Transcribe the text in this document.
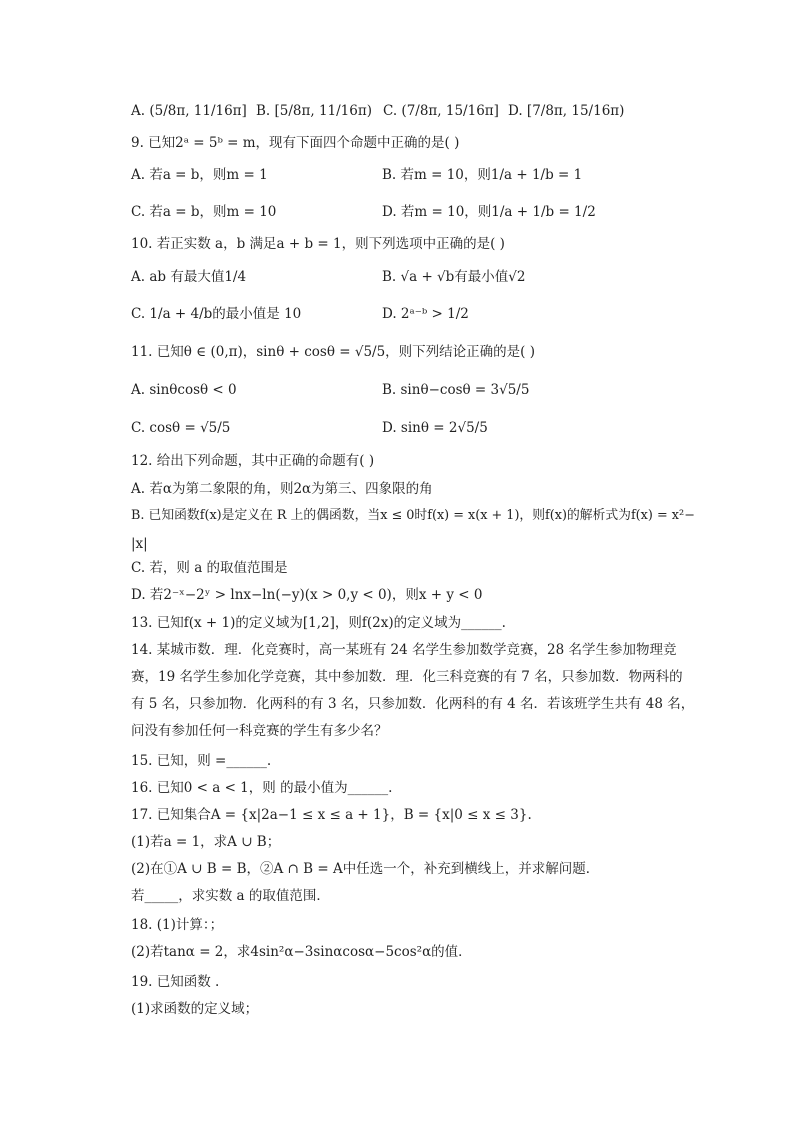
A. (5/8π, 11/16π] B. [5/8π, 11/16π) C. (7/8π, 15/16π] D. [7/8π, 15/16π)
9. 已知2ᵃ = 5ᵇ = m，现有下面四个命题中正确的是( )
A. 若a = b，则m = 1	B. 若m = 10，则1/a + 1/b = 1
C. 若a = b，则m = 10	D. 若m = 10，则1/a + 1/b = 1/2
10. 若正实数 a，b 满足a + b = 1，则下列选项中正确的是( )
A. ab 有最大值1/4	B. √a + √b有最小值√2
C. 1/a + 4/b的最小值是 10	D. 2ᵃ⁻ᵇ > 1/2
11. 已知θ ∈ (0,π)，sinθ + cosθ = √5/5，则下列结论正确的是( )
A. sinθcosθ < 0	B. sinθ−cosθ = 3√5/5
C. cosθ = √5/5	D. sinθ = 2√5/5
12. 给出下列命题，其中正确的命题有( )
A. 若α为第二象限的角，则2α为第三、四象限的角
B. 已知函数f(x)是定义在 R 上的偶函数，当x ≤ 0时f(x) = x(x + 1)，则f(x)的解析式为f(x) = x²−
|x|
C. 若，则 a 的取值范围是
D. 若2⁻ˣ−2ʸ > lnx−ln(−y)(x > 0,y < 0)，则x + y < 0
13. 已知f(x + 1)的定义域为[1,2]，则f(2x)的定义域为______.
14. 某城市数．理．化竞赛时，高一某班有 24 名学生参加数学竞赛，28 名学生参加物理竞
赛，19 名学生参加化学竞赛，其中参加数．理．化三科竞赛的有 7 名，只参加数．物两科的
有 5 名，只参加物．化两科的有 3 名，只参加数．化两科的有 4 名．若该班学生共有 48 名，
问没有参加任何一科竞赛的学生有多少名？
15. 已知，则 =______.
16. 已知0 < a < 1，则 的最小值为______.
17. 已知集合A = {x|2a−1 ≤ x ≤ a + 1}，B = {x|0 ≤ x ≤ 3}.
(1)若a = 1，求A ∪ B；
(2)在①A ∪ B = B，②A ∩ B = A中任选一个，补充到横线上，并求解问题．
若_____，求实数 a 的取值范围．
18. (1)计算：；
(2)若tanα = 2，求4sin²α−3sinαcosα−5cos²α的值．
19. 已知函数 .
(1)求函数的定义域；
